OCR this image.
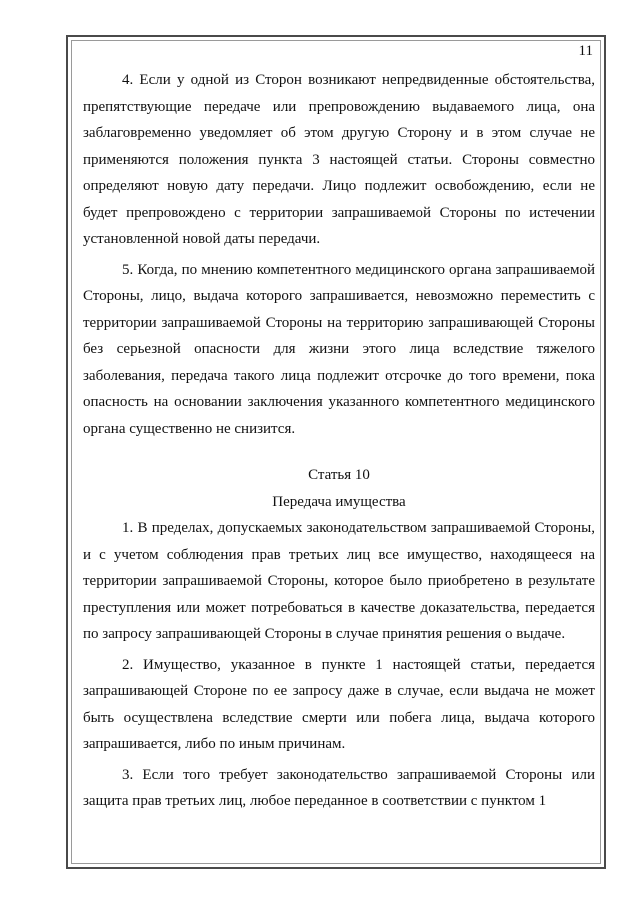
11

4. Если у одной из Сторон возникают непредвиденные обстоятельства, препятствующие передаче или препровождению выдаваемого лица, она заблаговременно уведомляет об этом другую Сторону и в этом случае не применяются положения пункта 3 настоящей статьи. Стороны совместно определяют новую дату передачи. Лицо подлежит освобождению, если не будет препровождено с территории запрашиваемой Стороны по истечении установленной новой даты передачи.

5. Когда, по мнению компетентного медицинского органа запрашиваемой Стороны, лицо, выдача которого запрашивается, невозможно переместить с территории запрашиваемой Стороны на территорию запрашивающей Стороны без серьезной опасности для жизни этого лица вследствие тяжелого заболевания, передача такого лица подлежит отсрочке до того времени, пока опасность на основании заключения указанного компетентного медицинского органа существенно не снизится.

Статья 10
Передача имущества

1. В пределах, допускаемых законодательством запрашиваемой Стороны, и с учетом соблюдения прав третьих лиц все имущество, находящееся на территории запрашиваемой Стороны, которое было приобретено в результате преступления или может потребоваться в качестве доказательства, передается по запросу запрашивающей Стороны в случае принятия решения о выдаче.

2. Имущество, указанное в пункте 1 настоящей статьи, передается запрашивающей Стороне по ее запросу даже в случае, если выдача не может быть осуществлена вследствие смерти или побега лица, выдача которого запрашивается, либо по иным причинам.

3. Если того требует законодательство запрашиваемой Стороны или защита прав третьих лиц, любое переданное в соответствии с пунктом 1
